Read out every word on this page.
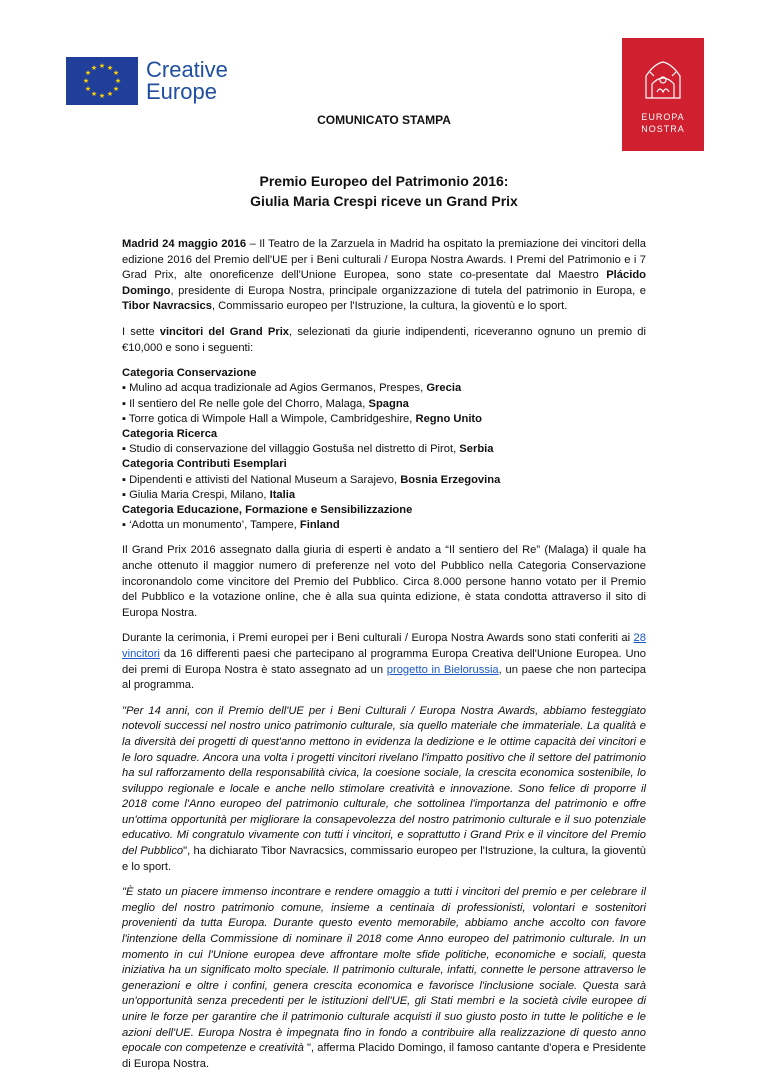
★ ★
★
★
★
★
★
★
★
★
★
★ Creative
Europe
EUROPA
NOSTRA
COMUNICATO STAMPA
Premio Europeo del Patrimonio 2016:
Giulia Maria Crespi riceve un Grand Prix

Madrid 24 maggio 2016 – Il Teatro de la Zarzuela in Madrid ha ospitato la premiazione dei vincitori della edizione 2016 del Premio dell'UE per i Beni culturali / Europa Nostra Awards. I Premi del Patrimonio e i 7 Grad Prix, alte onoreficenze dell'Unione Europea, sono state co-presentate dal Maestro Plácido Domingo, presidente di Europa Nostra, principale organizzazione di tutela del patrimonio in Europa, e Tibor Navracsics, Commissario europeo per l'Istruzione, la cultura, la gioventù e lo sport.

I sette vincitori del Grand Prix, selezionati da giurie indipendenti, riceveranno ognuno un premio di €10,000 e sono i seguenti:

Categoria Conservazione
▪ Mulino ad acqua tradizionale ad Agios Germanos, Prespes, Grecia
▪ Il sentiero del Re nelle gole del Chorro, Malaga, Spagna
▪ Torre gotica di Wimpole Hall a Wimpole, Cambridgeshire, Regno Unito
Categoria Ricerca
▪ Studio di conservazione del villaggio Gostuša nel distretto di Pirot, Serbia
Categoria Contributi Esemplari
▪ Dipendenti e attivisti del National Museum a Sarajevo, Bosnia Erzegovina
▪ Giulia Maria Crespi, Milano, Italia
Categoria Educazione, Formazione e Sensibilizzazione
▪ ‘Adotta un monumento’, Tampere, Finland

Il Grand Prix 2016 assegnato dalla giuria di esperti è andato a “Il sentiero del Re” (Malaga) il quale ha anche ottenuto il maggior numero di preferenze nel voto del Pubblico nella Categoria Conservazione incoronandolo come vincitore del Premio del Pubblico. Circa 8.000 persone hanno votato per il Premio del Pubblico e la votazione online, che è alla sua quinta edizione, è stata condotta attraverso il sito di Europa Nostra.

Durante la cerimonia, i Premi europei per i Beni culturali / Europa Nostra Awards sono stati conferiti ai 28 vincitori da 16 differenti paesi che partecipano al programma Europa Creativa dell'Unione Europea. Uno dei premi di Europa Nostra è stato assegnato ad un progetto in Bielorussia, un paese che non partecipa al programma.

"Per 14 anni, con il Premio dell'UE per i Beni Culturali / Europa Nostra Awards, abbiamo festeggiato notevoli successi nel nostro unico patrimonio culturale, sia quello materiale che immateriale. La qualità e la diversità dei progetti di quest'anno mettono in evidenza la dedizione e le ottime capacità dei vincitori e le loro squadre. Ancora una volta i progetti vincitori rivelano l'impatto positivo che il settore del patrimonio ha sul rafforzamento della responsabilità civica, la coesione sociale, la crescita economica sostenibile, lo sviluppo regionale e locale e anche nello stimolare creatività e innovazione. Sono felice di proporre il 2018 come l'Anno europeo del patrimonio culturale, che sottolinea l'importanza del patrimonio e offre un'ottima opportunità per migliorare la consapevolezza del nostro patrimonio culturale e il suo potenziale educativo. Mi congratulo vivamente con tutti i vincitori, e soprattutto i Grand Prix e il vincitore del Premio del Pubblico", ha dichiarato Tibor Navracsics, commissario europeo per l'Istruzione, la cultura, la gioventù e lo sport.

"È stato un piacere immenso incontrare e rendere omaggio a tutti i vincitori del premio e per celebrare il meglio del nostro patrimonio comune, insieme a centinaia di professionisti, volontari e sostenitori provenienti da tutta Europa. Durante questo evento memorabile, abbiamo anche accolto con favore l'intenzione della Commissione di nominare il 2018 come Anno europeo del patrimonio culturale. In un momento in cui l'Unione europea deve affrontare molte sfide politiche, economiche e sociali, questa iniziativa ha un significato molto speciale. Il patrimonio culturale, infatti, connette le persone attraverso le generazioni e oltre i confini, genera crescita economica e favorisce l'inclusione sociale. Questa sarà un'opportunità senza precedenti per le istituzioni dell'UE, gli Stati membri e la società civile europee di unire le forze per garantire che il patrimonio culturale acquisti il suo giusto posto in tutte le politiche e le azioni dell'UE. Europa Nostra è impegnata fino in fondo a contribuire alla realizzazione di questo anno epocale con competenze e creatività ", afferma Placido Domingo, il famoso cantante d'opera e Presidente di Europa Nostra.
